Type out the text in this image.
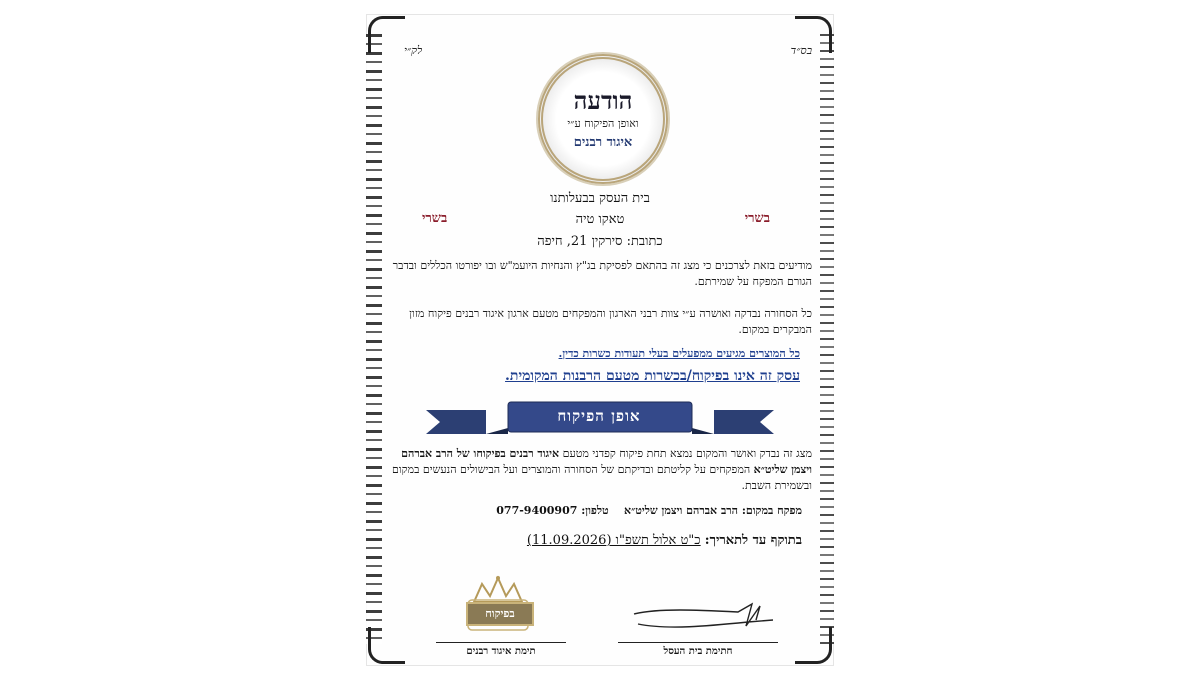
בס״ד
לק״י
הודעה
ואופן הפיקוח ע״י
איגוד רבנים
בית העסק בבעלותנו
טאקו טיה
כתובת: סירקין 21, חיפה
בשרי
בשרי
מודיעים בזאת לצרכנים כי מצג זה בהתאם לפסיקת בג"ץ והנחיות היועמ"ש ובו יפורטו הכללים ובדבר הגורם המפקח על שמירתם.
כל הסחורה נבדקה ואושרה ע״י צוות רבני הארגון והמפקחים מטעם ארגון איגוד רבנים פיקוח מזון המבקרים במקום.
כל המוצרים מגיעים ממפעלים בעלי תעודות כשרות כדין.
עסק זה אינו בפיקוח/בכשרות מטעם הרבנות המקומית.
אופן הפיקוח
מצג זה נבדק ואושר והמקום נמצא תחת פיקוח קפדני מטעם איגוד רבנים בפיקוחו של הרב אברהם ויצמן שליט״א המפקחים על קליטתם ובדיקתם של הסחורה והמוצרים ועל הבישולים הנעשים במקום ובשמירת השבת.
מפקח במקום: הרב אברהם ויצמן שליט״א    טלפון: 077-9400907
בתוקף עד לתאריך: כ"ט אלול תשפ"ו (11.09.2026)
בפיקוח
תימת איגוד רבנים	חתימת בית העסל
